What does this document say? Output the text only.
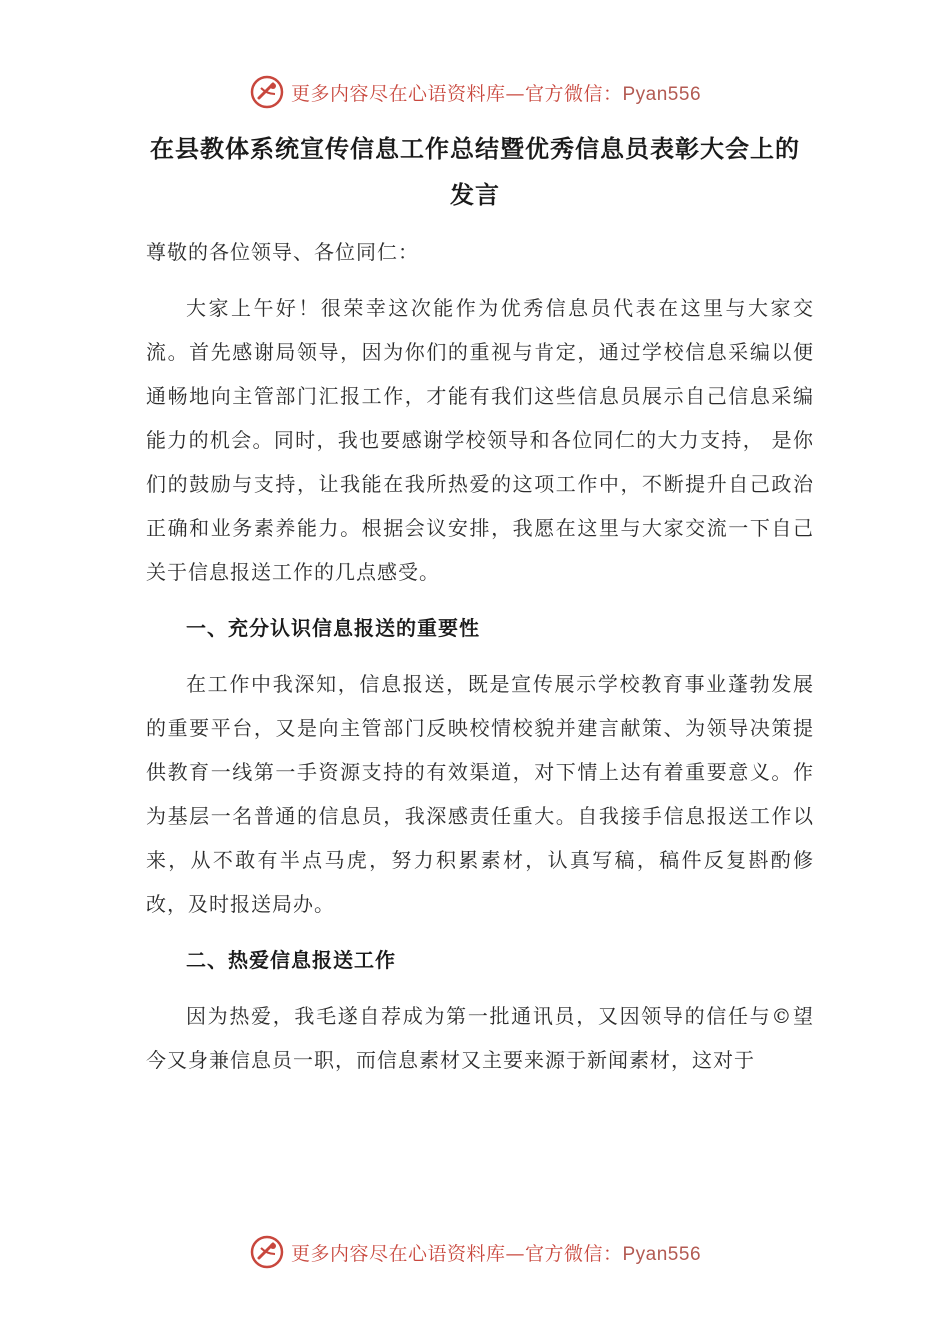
更多内容尽在心语资料库—官方微信：Pyan556
在县教体系统宣传信息工作总结暨优秀信息员表彰大会上的发言

尊敬的各位领导、各位同仁：

大家上午好！很荣幸这次能作为优秀信息员代表在这里与大家交流。首先感谢局领导，因为你们的重视与肯定，通过学校信息采编以便通畅地向主管部门汇报工作，才能有我们这些信息员展示自己信息采编能力的机会。同时，我也要感谢学校领导和各位同仁的大力支持， 是你们的鼓励与支持，让我能在我所热爱的这项工作中，不断提升自己政治正确和业务素养能力。根据会议安排，我愿在这里与大家交流一下自己关于信息报送工作的几点感受。

一、充分认识信息报送的重要性

在工作中我深知，信息报送，既是宣传展示学校教育事业蓬勃发展的重要平台，又是向主管部门反映校情校貌并建言献策、为领导决策提供教育一线第一手资源支持的有效渠道，对下情上达有着重要意义。作为基层一名普通的信息员，我深感责任重大。自我接手信息报送工作以来，从不敢有半点马虎，努力积累素材，认真写稿，稿件反复斟酌修改，及时报送局办。

二、热爱信息报送工作

因为热爱，我毛遂自荐成为第一批通讯员，又因领导的信任与©望今又身兼信息员一职，而信息素材又主要来源于新闻素材，这对于

更多内容尽在心语资料库—官方微信：Pyan556
